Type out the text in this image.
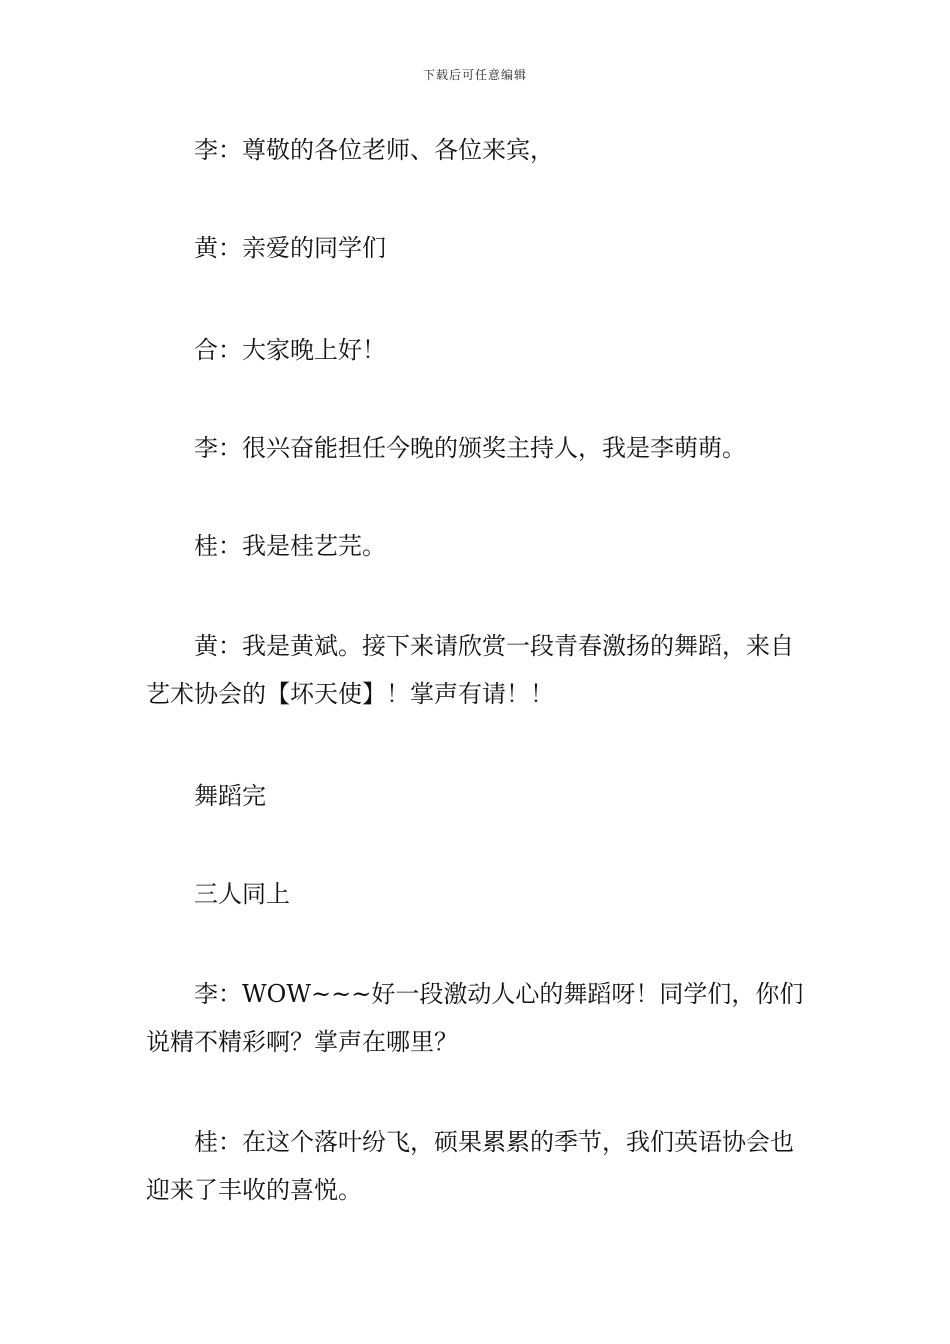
下载后可任意编辑

李：尊敬的各位老师、各位来宾，

黄：亲爱的同学们

合：大家晚上好！

李：很兴奋能担任今晚的颁奖主持人，我是李萌萌。

桂：我是桂艺芫。

黄：我是黄斌。接下来请欣赏一段青春激扬的舞蹈，来自艺术协会的【坏天使】！掌声有请！！

舞蹈完

三人同上

李：WOW~~~好一段激动人心的舞蹈呀！同学们，你们说精不精彩啊？掌声在哪里？

桂：在这个落叶纷飞，硕果累累的季节，我们英语协会也迎来了丰收的喜悦。
